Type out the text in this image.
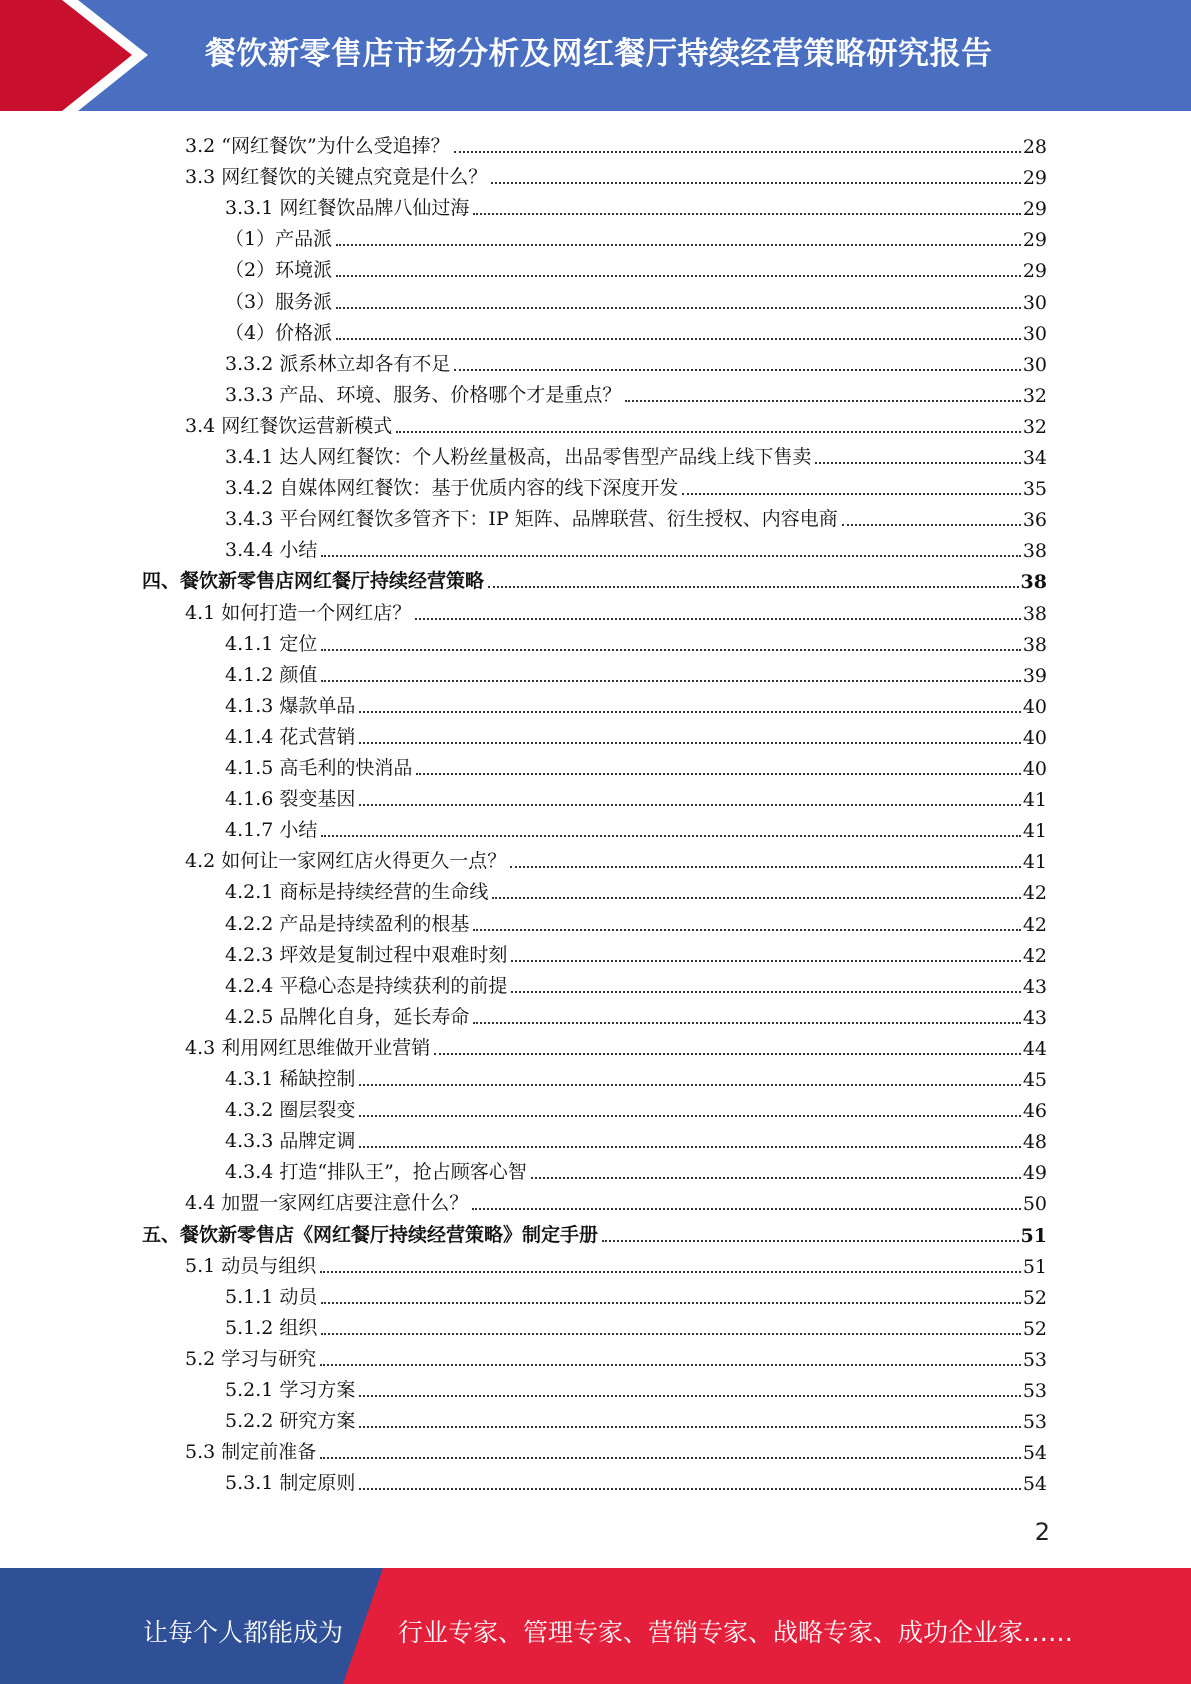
餐饮新零售店市场分析及网红餐厅持续经营策略研究报告
3.2 “网红餐饮”为什么受追捧？	28
3.3 网红餐饮的关键点究竟是什么？	29
3.3.1 网红餐饮品牌八仙过海	29
（1）产品派	29
（2）环境派	29
（3）服务派	30
（4）价格派	30
3.3.2 派系林立却各有不足	30
3.3.3 产品、环境、服务、价格哪个才是重点？	32
3.4 网红餐饮运营新模式	32
3.4.1 达人网红餐饮：个人粉丝量极高，出品零售型产品线上线下售卖	34
3.4.2 自媒体网红餐饮：基于优质内容的线下深度开发	35
3.4.3 平台网红餐饮多管齐下：IP 矩阵、品牌联营、衍生授权、内容电商	36
3.4.4 小结	38
四、餐饮新零售店网红餐厅持续经营策略	38
4.1 如何打造一个网红店？	38
4.1.1 定位	38
4.1.2 颜值	39
4.1.3 爆款单品	40
4.1.4 花式营销	40
4.1.5 高毛利的快消品	40
4.1.6 裂变基因	41
4.1.7 小结	41
4.2 如何让一家网红店火得更久一点？	41
4.2.1 商标是持续经营的生命线	42
4.2.2 产品是持续盈利的根基	42
4.2.3 坪效是复制过程中艰难时刻	42
4.2.4 平稳心态是持续获利的前提	43
4.2.5 品牌化自身，延长寿命	43
4.3 利用网红思维做开业营销	44
4.3.1 稀缺控制	45
4.3.2 圈层裂变	46
4.3.3 品牌定调	48
4.3.4 打造“排队王”，抢占顾客心智	49
4.4 加盟一家网红店要注意什么？	50
五、餐饮新零售店《网红餐厅持续经营策略》制定手册	51
5.1 动员与组织	51
5.1.1 动员	52
5.1.2 组织	52
5.2 学习与研究	53
5.2.1 学习方案	53
5.2.2 研究方案	53
5.3 制定前准备	54
5.3.1 制定原则	54
2
让每个人都能成为 行业专家、管理专家、营销专家、战略专家、成功企业家……
